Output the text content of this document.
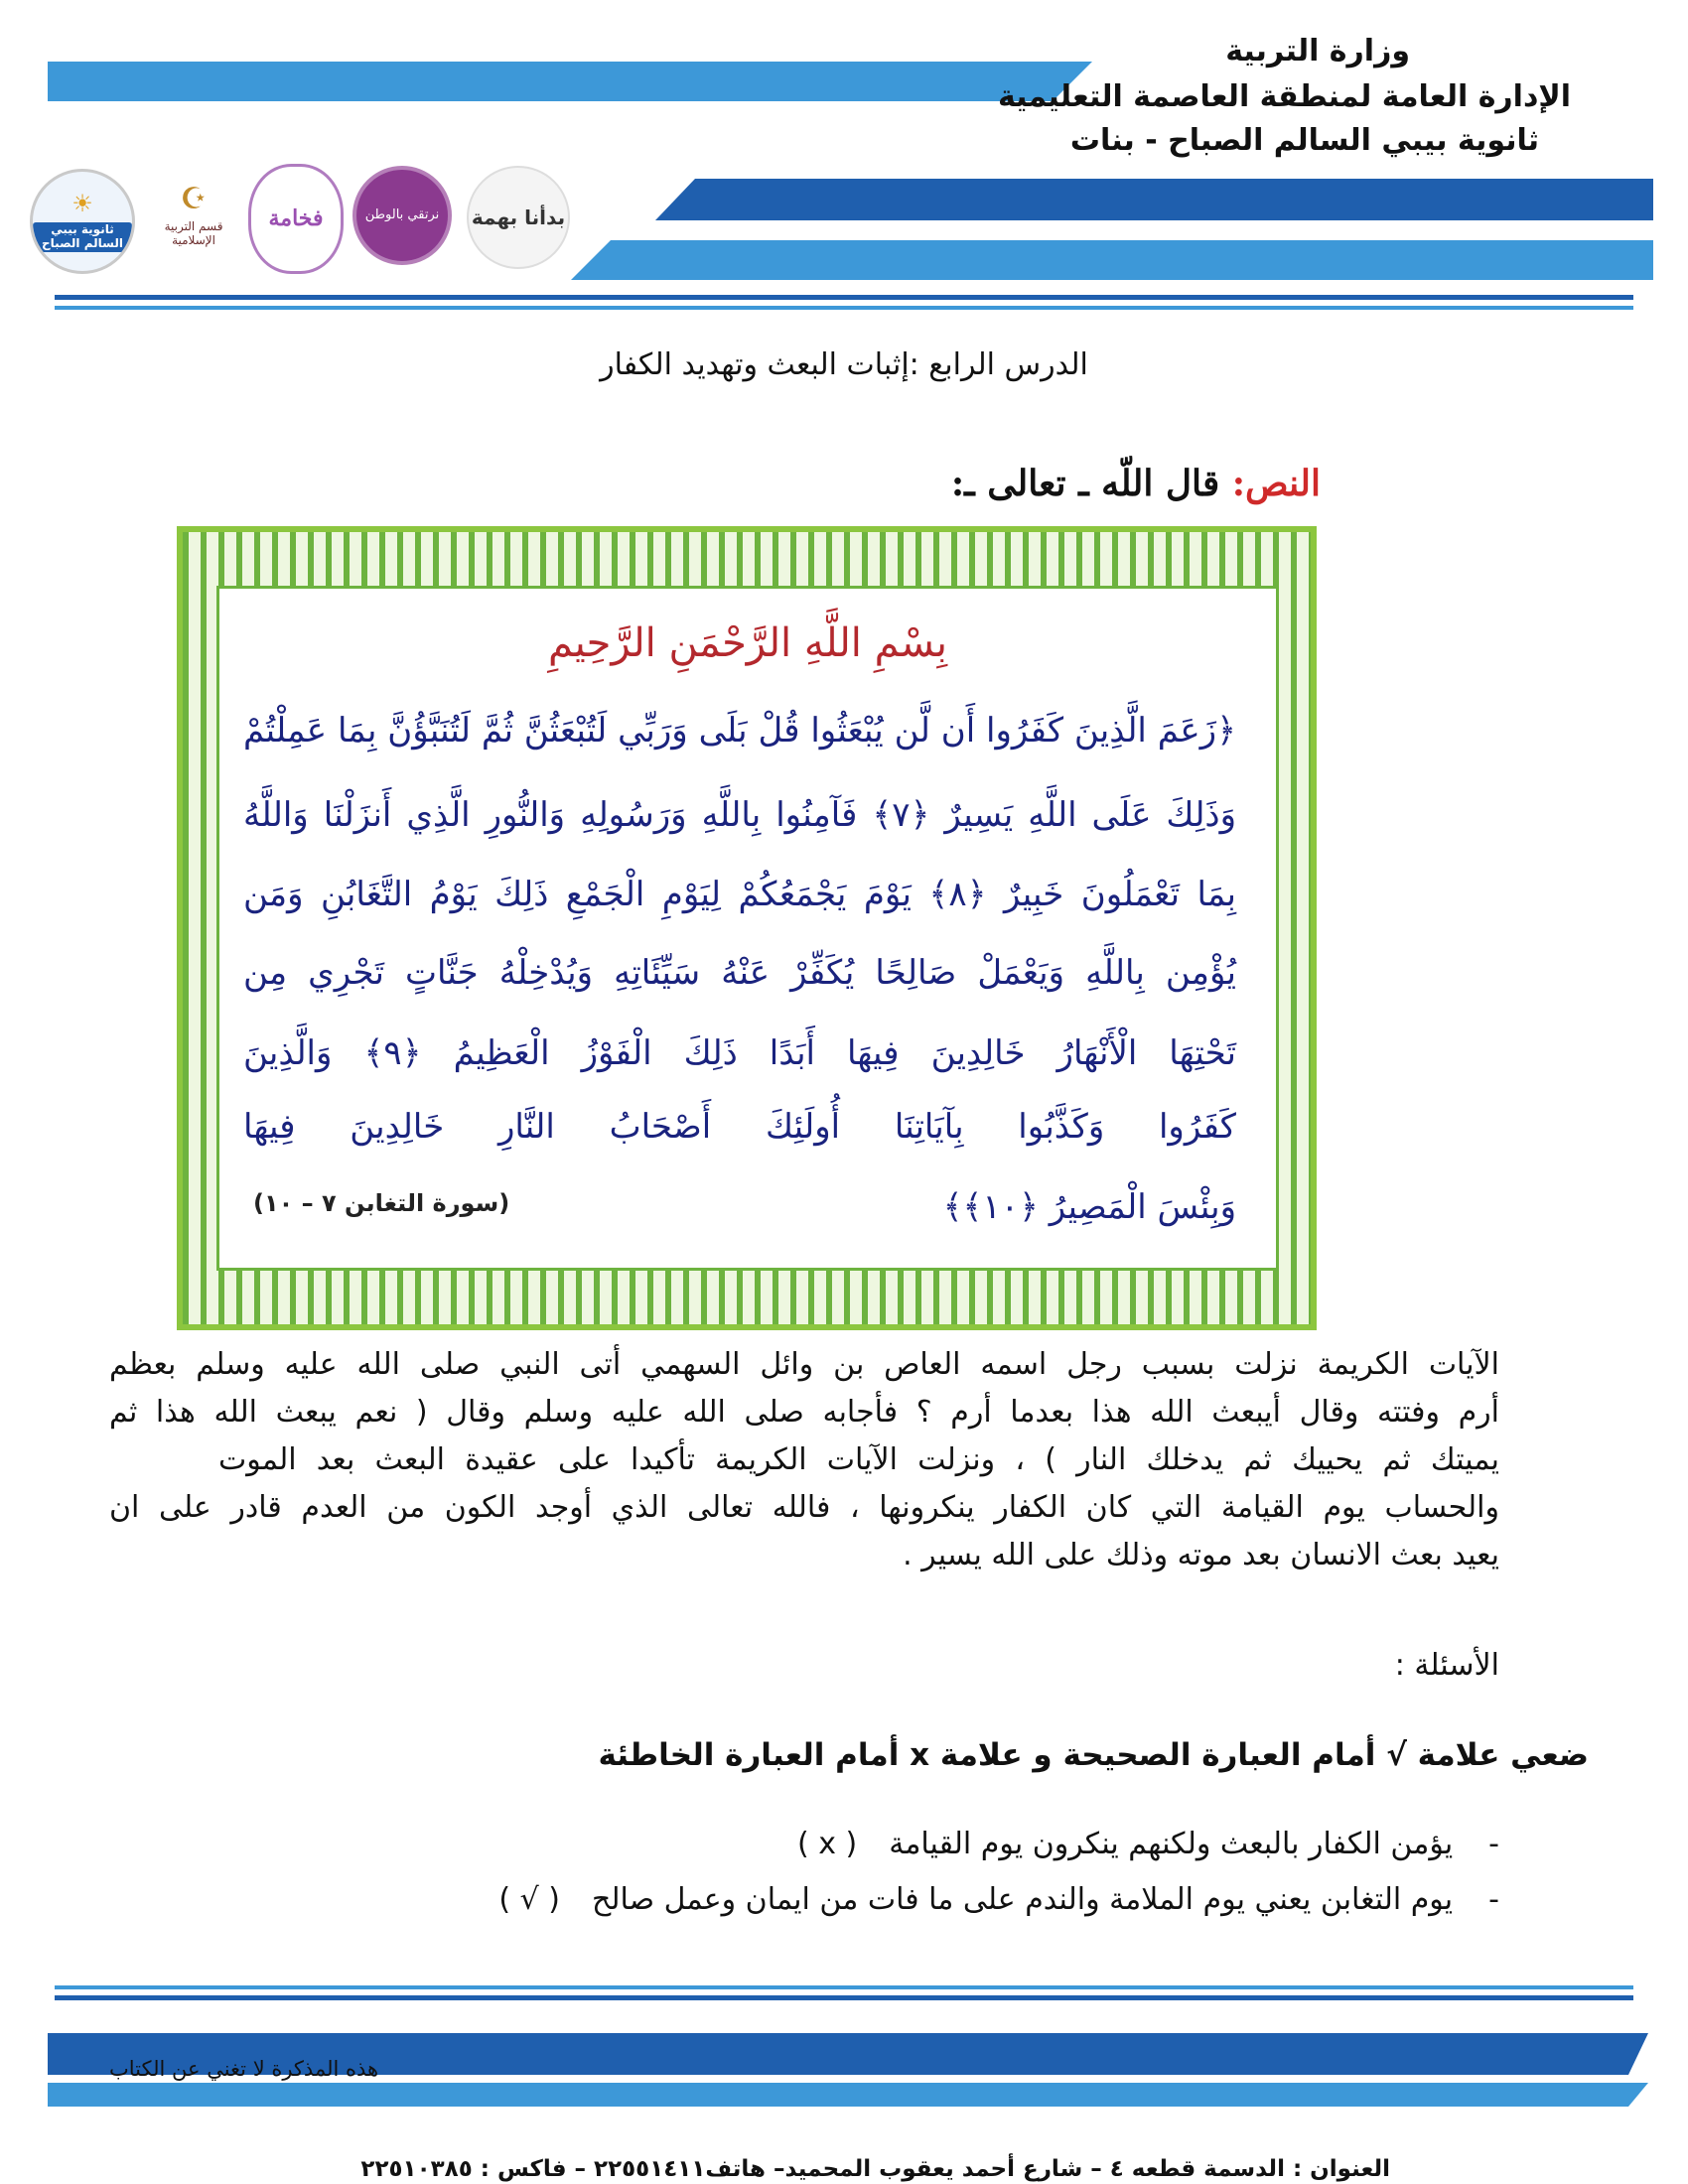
وزارة التربية
الإدارة العامة لمنطقة العاصمة التعليمية
ثانوية بيبي السالم الصباح - بنات
بدأنا بهمة
نرتقي بالوطن
فخامة
☪
قسم التربية الإسلامية
☀
ثانوية بيبي السالم الصباح
الدرس الرابع :إثبات البعث وتهديد الكفار
النص: قال اللّه ـ تعالى ـ:
بِسْمِ اللَّهِ الرَّحْمَنِ الرَّحِيمِ
﴿زَعَمَ الَّذِينَ كَفَرُوا أَن لَّن يُبْعَثُوا قُلْ بَلَى وَرَبِّي لَتُبْعَثُنَّ ثُمَّ لَتُنَبَّؤُنَّ بِمَا عَمِلْتُمْ
وَذَلِكَ عَلَى اللَّهِ يَسِيرٌ ﴿٧﴾ فَآمِنُوا بِاللَّهِ وَرَسُولِهِ وَالنُّورِ الَّذِي أَنزَلْنَا وَاللَّهُ
بِمَا تَعْمَلُونَ خَبِيرٌ ﴿٨﴾ يَوْمَ يَجْمَعُكُمْ لِيَوْمِ الْجَمْعِ ذَلِكَ يَوْمُ التَّغَابُنِ وَمَن
يُؤْمِن بِاللَّهِ وَيَعْمَلْ صَالِحًا يُكَفِّرْ عَنْهُ سَيِّئَاتِهِ وَيُدْخِلْهُ جَنَّاتٍ تَجْرِي مِن
تَحْتِهَا الْأَنْهَارُ خَالِدِينَ فِيهَا أَبَدًا ذَلِكَ الْفَوْزُ الْعَظِيمُ ﴿٩﴾ وَالَّذِينَ
كَفَرُوا وَكَذَّبُوا بِآيَاتِنَا أُولَئِكَ أَصْحَابُ النَّارِ خَالِدِينَ فِيهَا
وَبِئْسَ الْمَصِيرُ ﴿١٠﴾﴾
(سورة التغابن ٧ – ١٠)
الآيات الكريمة نزلت بسبب رجل اسمه العاص بن وائل السهمي أتى النبي صلى الله عليه وسلم بعظم
أرم وفتته وقال أيبعث الله هذا بعدما أرم ؟ فأجابه صلى الله عليه وسلم وقال ( نعم يبعث الله هذا ثم
يميتك ثم يحييك ثم يدخلك النار ) ، ونزلت الآيات الكريمة تأكيدا على عقيدة البعث بعد الموت
والحساب يوم القيامة التي كان الكفار ينكرونها ، فالله تعالى الذي أوجد الكون من العدم قادر على ان
يعيد بعث الانسان بعد موته وذلك على الله يسير .
الأسئلة :
ضعي علامة √ أمام العبارة الصحيحة و علامة x أمام العبارة الخاطئة
-
يؤمن الكفار بالبعث ولكنهم ينكرون يوم القيامة
( x )
-
يوم التغابن يعني يوم الملامة والندم على ما فات من ايمان وعمل صالح
( √ )
هذه المذكرة لا تغني عن الكتاب
العنوان : الدسمة قطعه ٤ – شارع أحمد يعقوب المحميد– هاتف٢٢٥٥١٤١١ – فاكس : ٢٢٥١٠٣٨٥
